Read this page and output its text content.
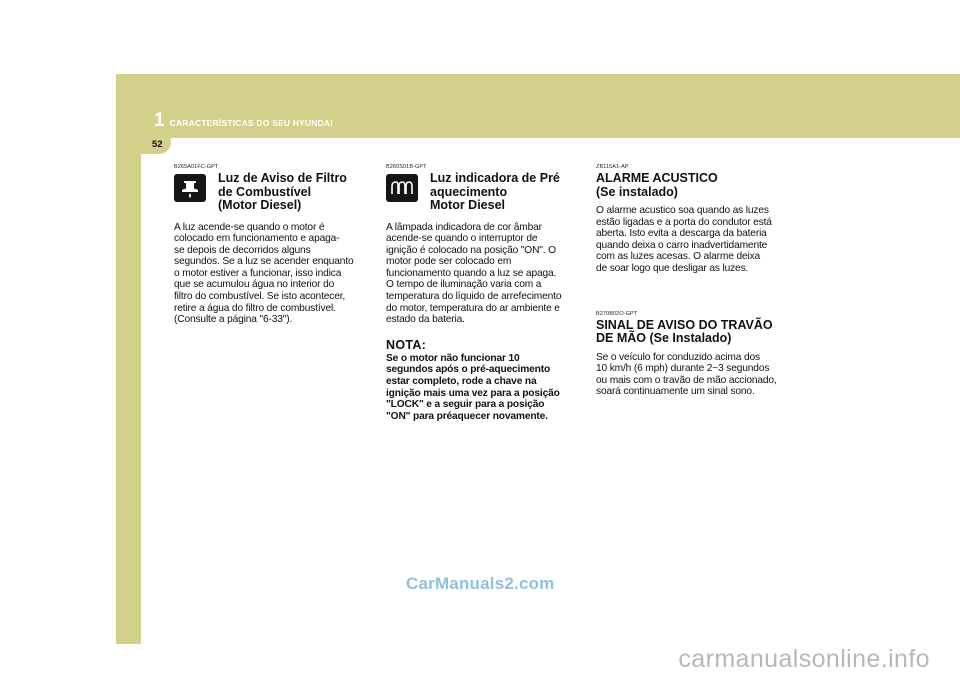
1 CARACTERÍSTICAS DO SEU HYUNDAI
52
B265A01FC-GPT
Luz de Aviso de Filtro
de Combustível
(Motor Diesel)
A luz acende-se quando o motor é
colocado em funcionamento e apaga-
se depois de decorridos alguns
segundos. Se a luz se acender enquanto
o motor estiver a funcionar, isso indica
que se acumulou água no interior do
filtro do combustível. Se isto acontecer,
retire a água do filtro de combustível.
(Consulte a página "6-33").
B260S01B-GPT
Luz indicadora de Pré
aquecimento
Motor Diesel
A lâmpada indicadora de cor âmbar
acende-se quando o interruptor de
ignição é colocado na posição "ON". O
motor pode ser colocado em
funcionamento quando a luz se apaga.
O tempo de iluminação varia com a
temperatura do líquido de arrefecimento
do motor, temperatura do ar ambiente e
estado da bateria.
NOTA:
Se o motor não funcionar 10
segundos após o pré-aquecimento
estar completo, rode a chave na
ignição mais uma vez para a posição
"LOCK" e a seguir para a posição
"ON" para préaquecer novamente.
ZB115A1-AP
ALARME ACUSTICO
(Se instalado)
O alarme acustico soa quando as luzes
estão ligadas e a porta do condutor está
aberta. Isto evita a descarga da bateria
quando deixa o carro inadvertidamente
com as luzes acesas. O alarme deixa
de soar logo que desligar as luzes.
B270B02O-GPT
SINAL DE AVISO DO TRAVÃO
DE MÃO (Se Instalado)
Se o veículo for conduzido acima dos
10 km/h (6 mph) durante 2~3 segundos
ou mais com o travão de mão accionado,
soará continuamente um sinal sono.
CarManuals2.com
carmanualsonline.info
